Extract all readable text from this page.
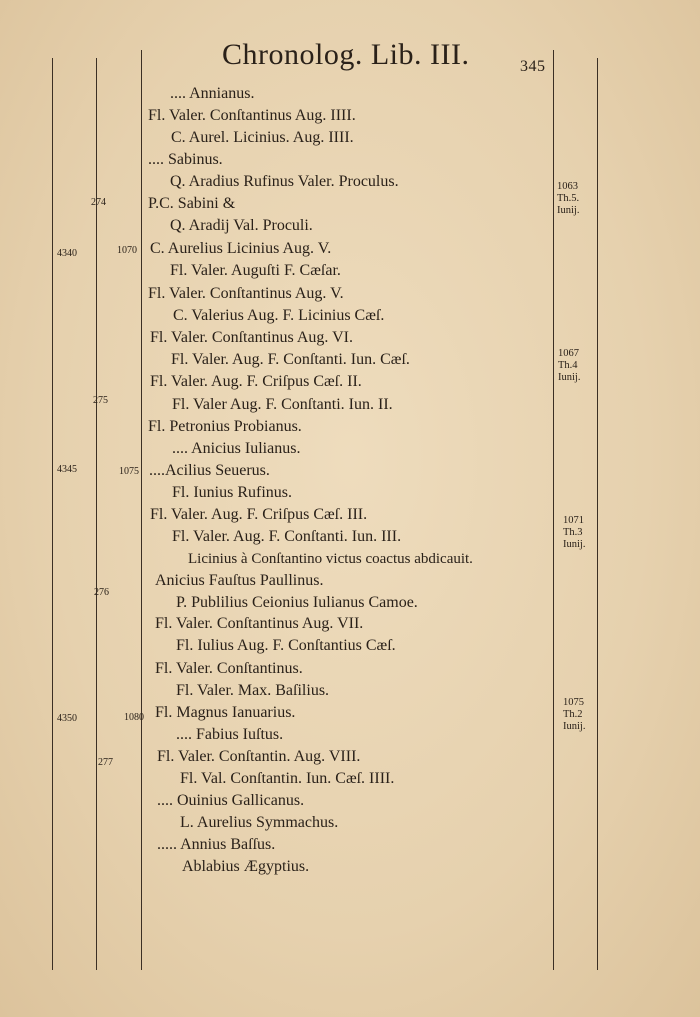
Chronolog. Lib. III.	345
4340
4345
4350
1070
1075
1080
274
275
276
277
1063
Th.5.
Iunij.
1067
Th.4
Iunij.
1071
Th.3
Iunij.
1075
Th.2
Iunij.
.... Annianus.
Fl. Valer. Conſtantinus Aug. IIII.
C. Aurel. Licinius. Aug. IIII.
.... Sabinus.
Q. Aradius Rufinus Valer. Proculus.
P.C. Sabini &
Q. Aradij Val. Proculi.
C. Aurelius Licinius Aug. V.
Fl. Valer. Auguſti F. Cæſar.
Fl. Valer. Conſtantinus Aug. V.
C. Valerius Aug. F. Licinius Cæſ.
Fl. Valer. Conſtantinus Aug. VI.
Fl. Valer. Aug. F. Conſtanti. Iun. Cæſ.
Fl. Valer. Aug. F. Criſpus Cæſ. II.
Fl. Valer Aug. F. Conſtanti. Iun. II.
Fl. Petronius Probianus.
.... Anicius Iulianus.
....Acilius Seuerus.
Fl. Iunius Rufinus.
Fl. Valer. Aug. F. Criſpus Cæſ. III.
Fl. Valer. Aug. F. Conſtanti. Iun. III.
Licinius à Conſtantino victus coactus abdicauit.
Anicius Fauſtus Paullinus.
P. Publilius Ceionius Iulianus Camoe.
Fl. Valer. Conſtantinus Aug. VII.
Fl. Iulius Aug. F. Conſtantius Cæſ.
Fl. Valer. Conſtantinus.
Fl. Valer. Max. Baſilius.
Fl. Magnus Ianuarius.
.... Fabius Iuſtus.
Fl. Valer. Conſtantin. Aug. VIII.
Fl. Val. Conſtantin. Iun. Cæſ. IIII.
.... Ouinius Gallicanus.
L. Aurelius Symmachus.
..... Annius Baſſus.
Ablabius Ægyptius.
